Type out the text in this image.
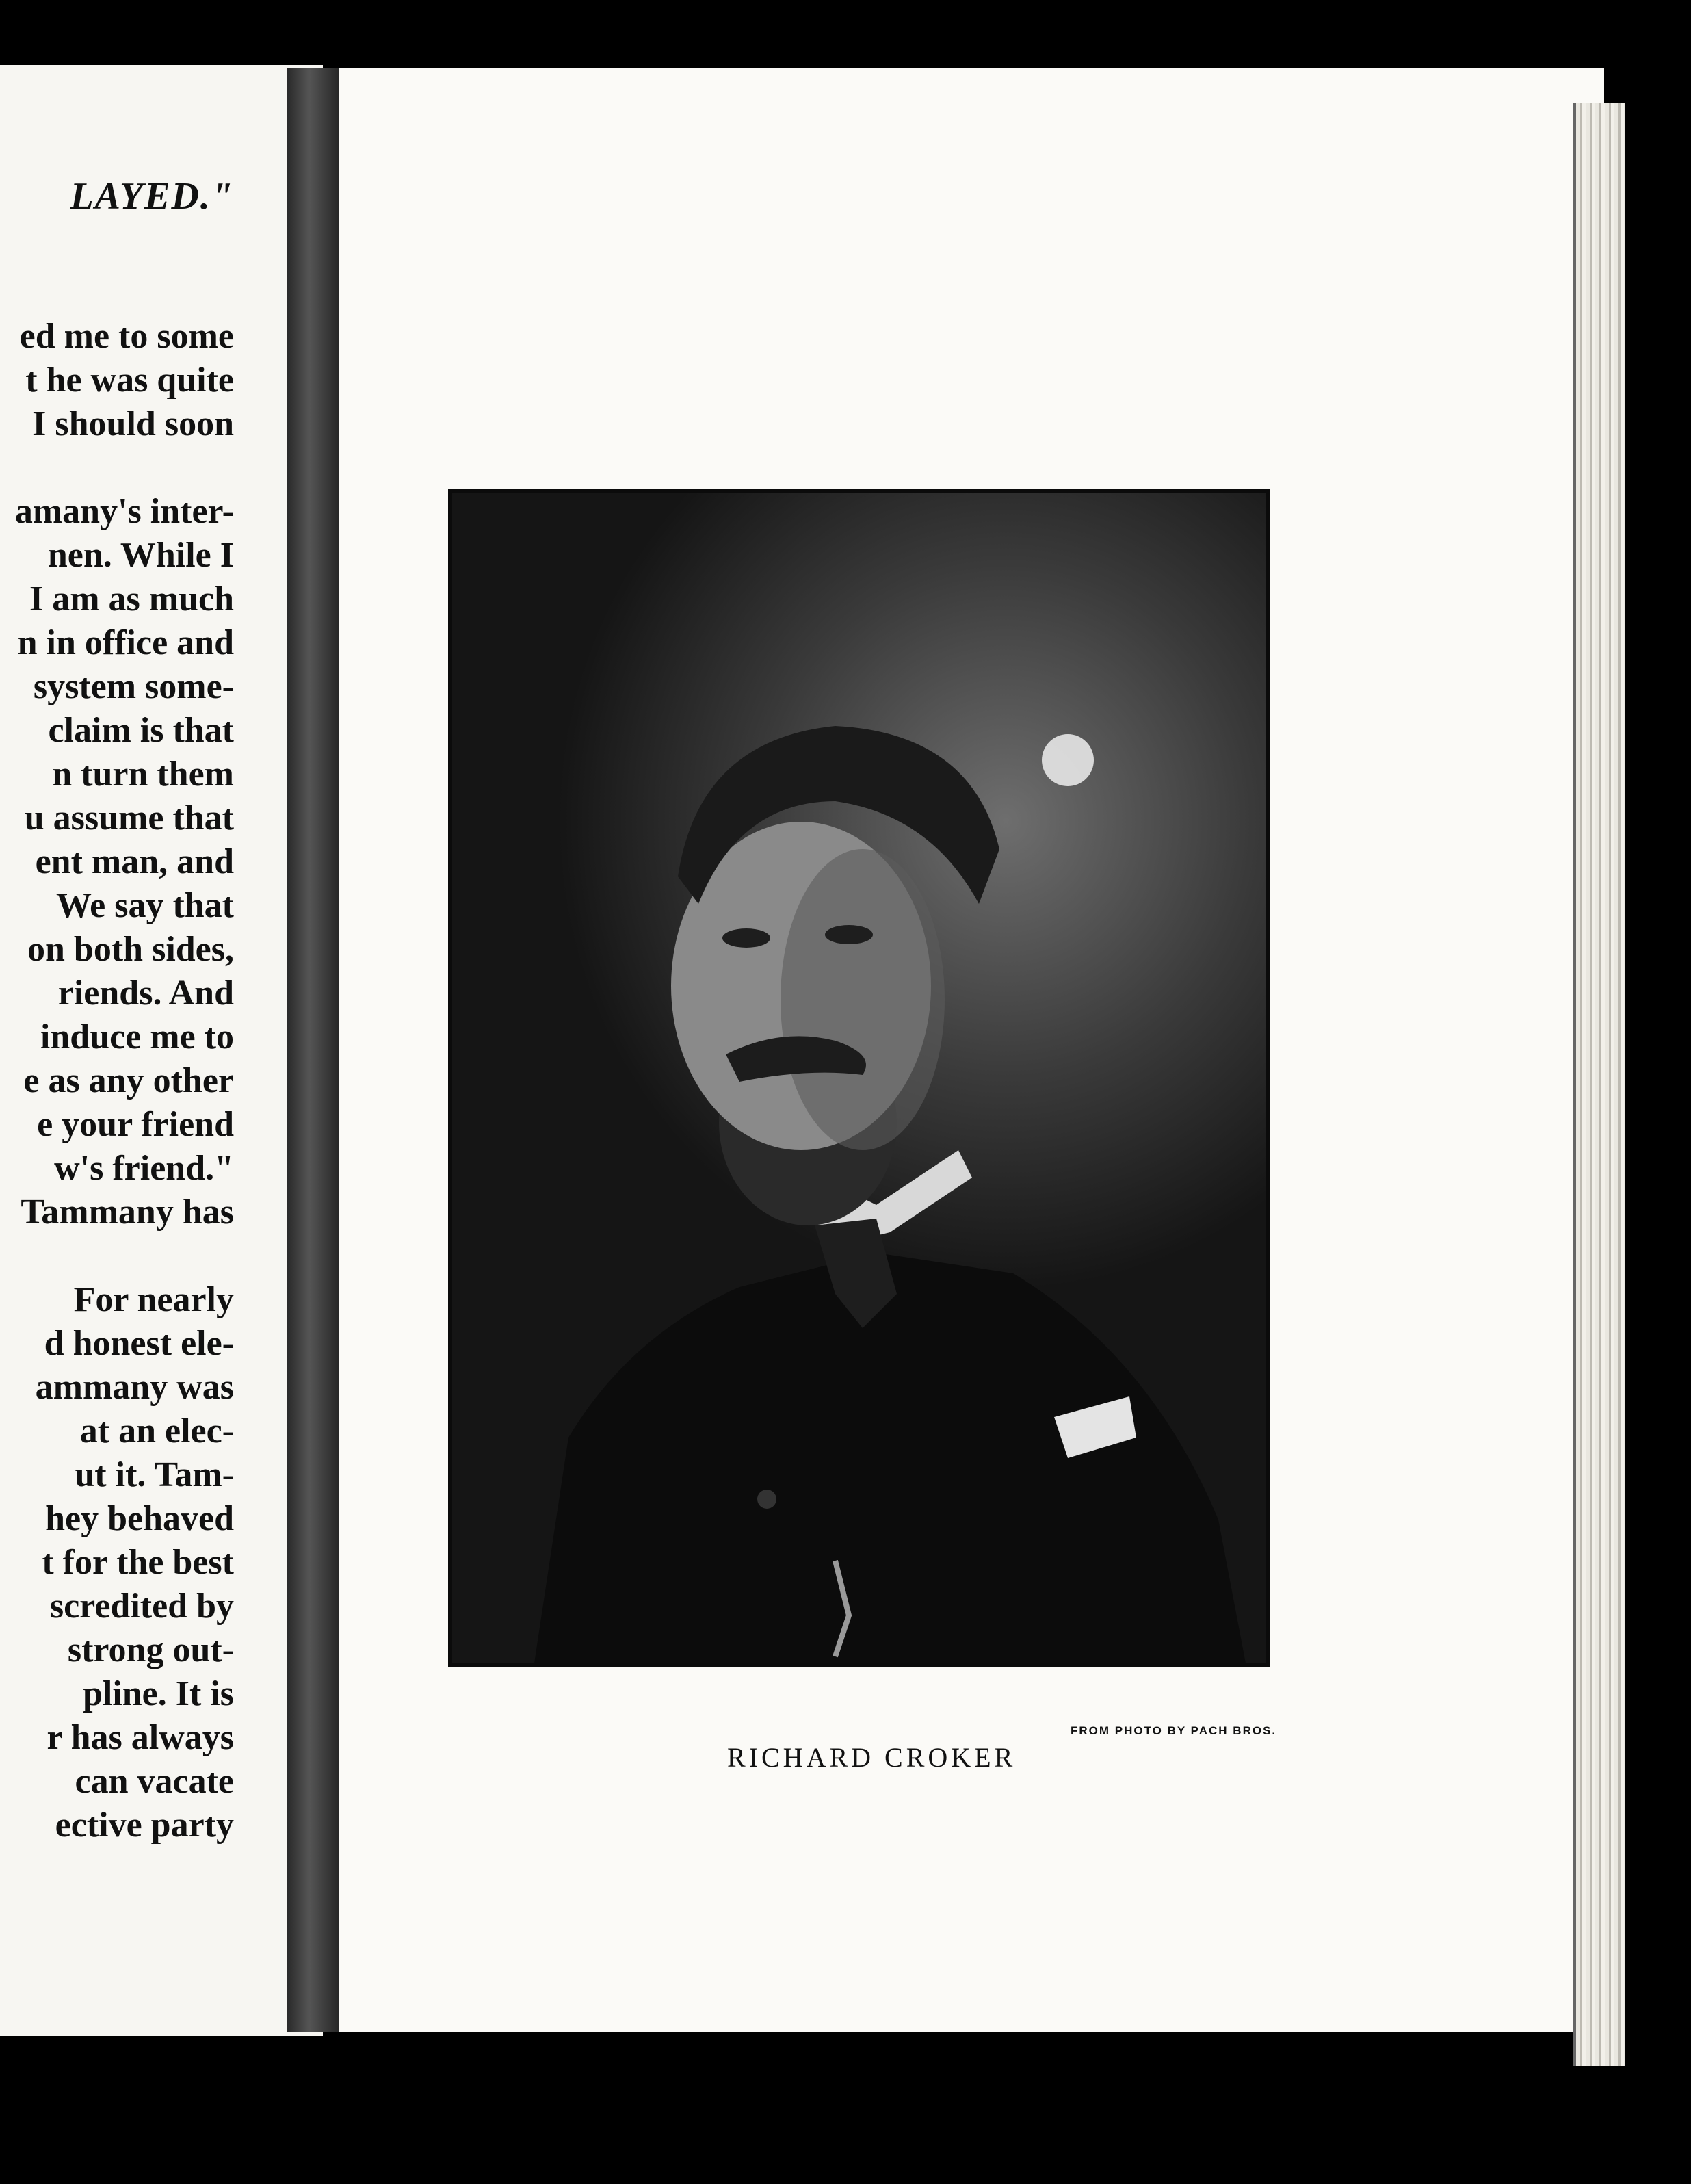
LAYED."
ed me to some
t he was quite
I should soon
amany's inter-
nen. While I
I am as much
n in office and
system some-
claim is that
n turn them
u assume that
ent man, and
We say that
on both sides,
riends. And
induce me to
e as any other
e your friend
w's friend."
Tammany has
For nearly
d honest ele-
ammany was
at an elec-
ut it. Tam-
hey behaved
t for the best
scredited by
strong out-
pline. It is
r has always
can vacate
ective party
RICHARD CROKER
FROM PHOTO BY PACH BROS.
